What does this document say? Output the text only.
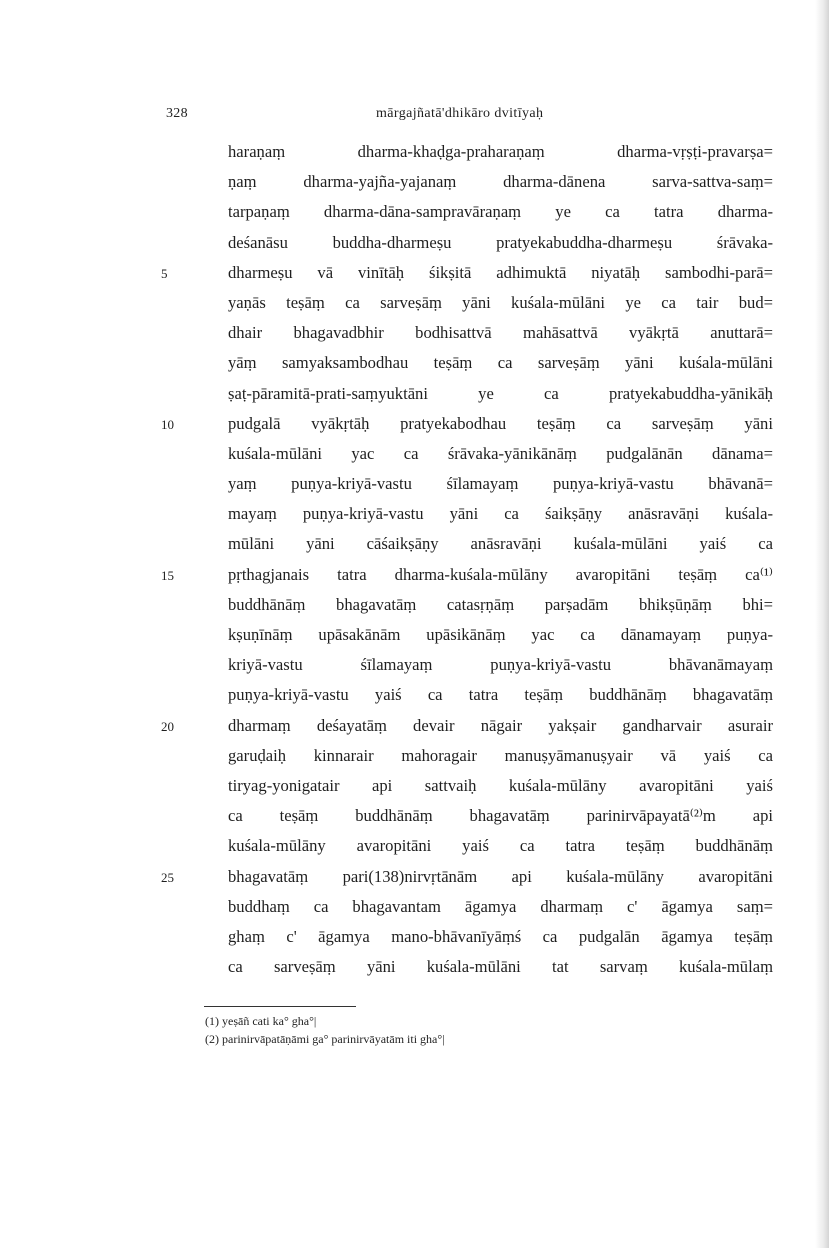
328	mārgajñatā'dhikāro dvitīyaḥ
haraṇaṃ dharma-khaḍga-praharaṇaṃ dharma-vṛṣṭi-pravarṣa=
ṇaṃ dharma-yajña-yajanaṃ dharma-dānena sarva-sattva-saṃ=
tarpaṇaṃ dharma-dāna-sampravāraṇaṃ ye ca tatra dharma-
deśanāsu buddha-dharmeṣu pratyekabuddha-dharmeṣu śrāvaka-
5	dharmeṣu vā vinītāḥ śikṣitā adhimuktā niyatāḥ sambodhi-parā=
yaṇās teṣāṃ ca sarveṣāṃ yāni kuśala-mūlāni ye ca tair bud=
dhair bhagavadbhir bodhisattvā mahāsattvā vyākṛtā anuttarā=
yāṃ samyaksambodhau teṣāṃ ca sarveṣāṃ yāni kuśala-mūlāni
ṣaṭ-pāramitā-prati-saṃyuktāni ye ca pratyekabuddha-yānikāḥ
10	pudgalā vyākṛtāḥ pratyekabodhau teṣāṃ ca sarveṣāṃ yāni
kuśala-mūlāni yac ca śrāvaka-yānikānāṃ pudgalānān dānama=
yaṃ puṇya-kriyā-vastu śīlamayaṃ puṇya-kriyā-vastu bhāvanā=
mayaṃ puṇya-kriyā-vastu yāni ca śaikṣāṇy anāsravāṇi kuśala-
mūlāni yāni cāśaikṣāṇy anāsravāṇi kuśala-mūlāni yaiś ca
15	pṛthagjanais tatra dharma-kuśala-mūlāny avaropitāni teṣāṃ ca⁽¹⁾
buddhānāṃ bhagavatāṃ catasṛṇāṃ parṣadām bhikṣūṇāṃ bhi=
kṣuṇīnāṃ upāsakānām upāsikānāṃ yac ca dānamayaṃ puṇya-
kriyā-vastu śīlamayaṃ puṇya-kriyā-vastu bhāvanāmayaṃ
puṇya-kriyā-vastu yaiś ca tatra teṣāṃ buddhānāṃ bhagavatāṃ
20	dharmaṃ deśayatāṃ devair nāgair yakṣair gandharvair asurair
garuḍaiḥ kinnarair mahoragair manuṣyāmanuṣyair vā yaiś ca
tiryag-yonigatair api sattvaiḥ kuśala-mūlāny avaropitāni yaiś
ca teṣāṃ buddhānāṃ bhagavatāṃ parinirvāpayatā⁽²⁾m api
kuśala-mūlāny avaropitāni yaiś ca tatra teṣāṃ buddhānāṃ
25	bhagavatāṃ pari(138)nirvṛtānām api kuśala-mūlāny avaropitāni
buddhaṃ ca bhagavantam āgamya dharmaṃ c' āgamya saṃ=
ghaṃ c' āgamya mano-bhāvanīyāṃś ca pudgalān āgamya teṣāṃ
ca sarveṣāṃ yāni kuśala-mūlāni tat sarvaṃ kuśala-mūlaṃ
(1) yeṣāñ cati ka° gha°|
(2) parinirvāpatāṇāmi ga° parinirvāyatām iti gha°|
